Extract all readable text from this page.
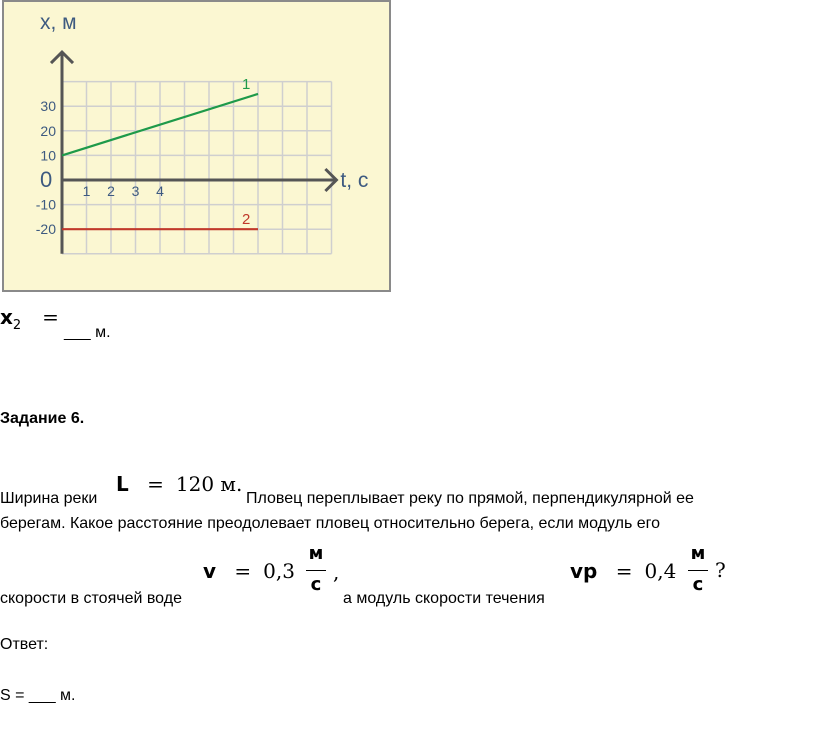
x, м
t, с
0 1 2 3 4
30
20
10
-10
-20
1
2
$x_2$ =
___ м.
Задание 6.
Ширина реки
L = 120 м.
Пловец переплывает реку по прямой, перпендикулярной ее
берегам. Какое расстояние преодолевает пловец относительно берега, если модуль его
скорости в стоячей воде
v = 0,3
м
с
,
а модуль скорости течения
vр = 0,4
м
с
?
Ответ:
S = ___ м.
